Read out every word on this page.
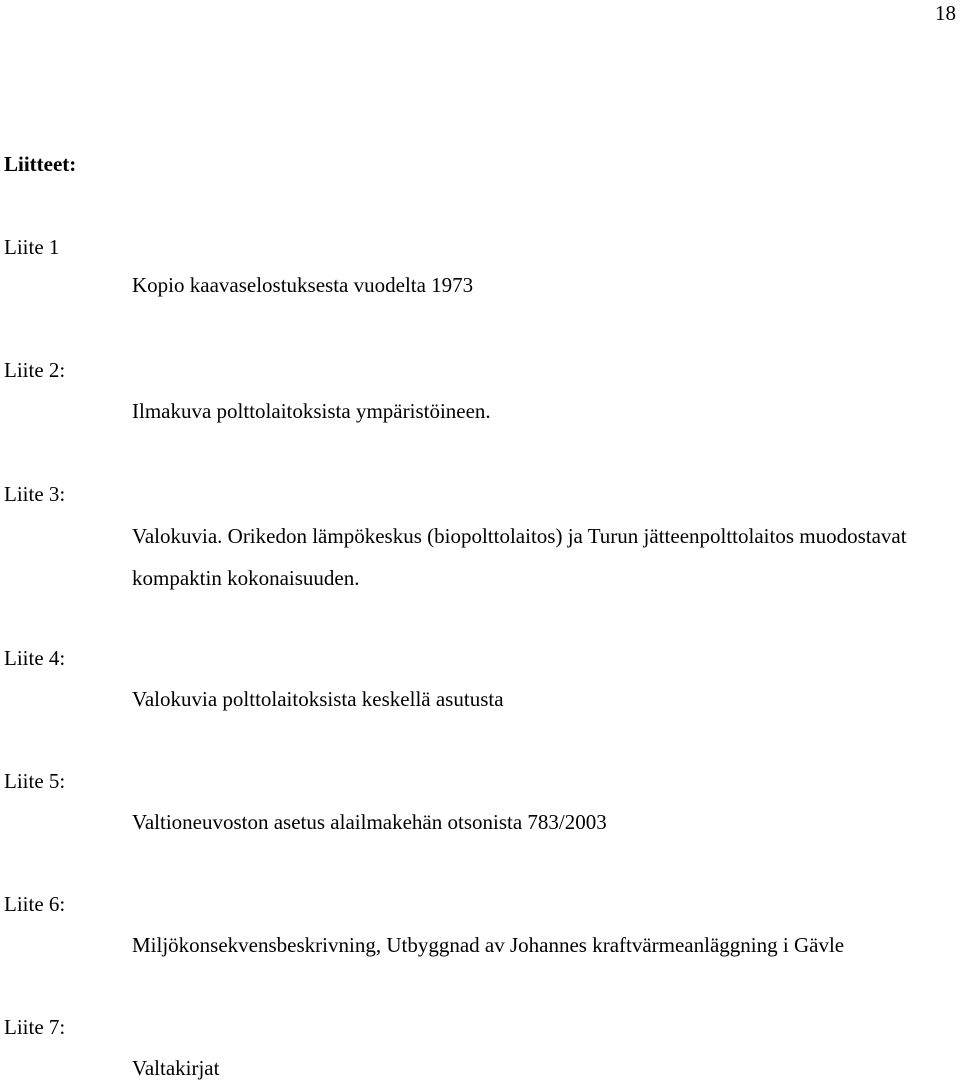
18
Liitteet:
Liite 1
Kopio kaavaselostuksesta vuodelta 1973
Liite 2:
Ilmakuva polttolaitoksista ympäristöineen.
Liite 3:
Valokuvia. Orikedon lämpökeskus (biopolttolaitos) ja Turun jätteenpolttolaitos muodostavat kompaktin kokonaisuuden.
Liite 4:
Valokuvia polttolaitoksista keskellä asutusta
Liite 5:
Valtioneuvoston asetus alailmakehän otsonista 783/2003
Liite 6:
Miljökonsekvensbeskrivning, Utbyggnad av Johannes kraftvärmeanläggning i Gävle
Liite 7:
Valtakirjat
